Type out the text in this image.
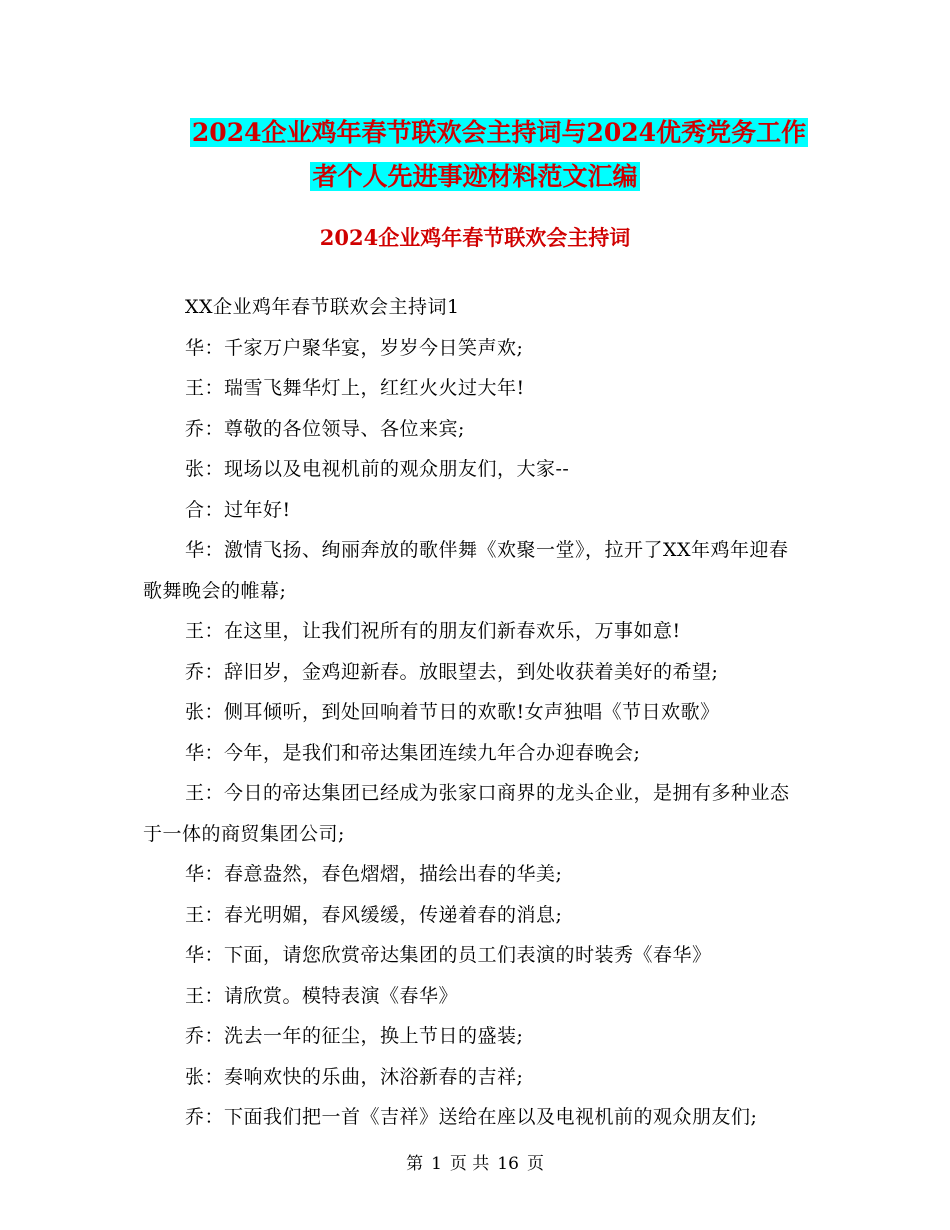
2024企业鸡年春节联欢会主持词与2024优秀党务工作
者个人先进事迹材料范文汇编
2024企业鸡年春节联欢会主持词

XX企业鸡年春节联欢会主持词1

华：千家万户聚华宴，岁岁今日笑声欢;

王：瑞雪飞舞华灯上，红红火火过大年!

乔：尊敬的各位领导、各位来宾;

张：现场以及电视机前的观众朋友们，大家--

合：过年好!

华：激情飞扬、绚丽奔放的歌伴舞《欢聚一堂》，拉开了XX年鸡年迎春歌舞晚会的帷幕;

王：在这里，让我们祝所有的朋友们新春欢乐，万事如意!

乔：辞旧岁，金鸡迎新春。放眼望去，到处收获着美好的希望;

张：侧耳倾听，到处回响着节日的欢歌!女声独唱《节日欢歌》

华：今年，是我们和帝达集团连续九年合办迎春晚会;

王：今日的帝达集团已经成为张家口商界的龙头企业，是拥有多种业态于一体的商贸集团公司;

华：春意盎然，春色熠熠，描绘出春的华美;

王：春光明媚，春风缓缓，传递着春的消息;

华：下面，请您欣赏帝达集团的员工们表演的时装秀《春华》

王：请欣赏。模特表演《春华》

乔：洗去一年的征尘，换上节日的盛装;

张：奏响欢快的乐曲，沐浴新春的吉祥;

乔：下面我们把一首《吉祥》送给在座以及电视机前的观众朋友们;

第 1 页 共 16 页
